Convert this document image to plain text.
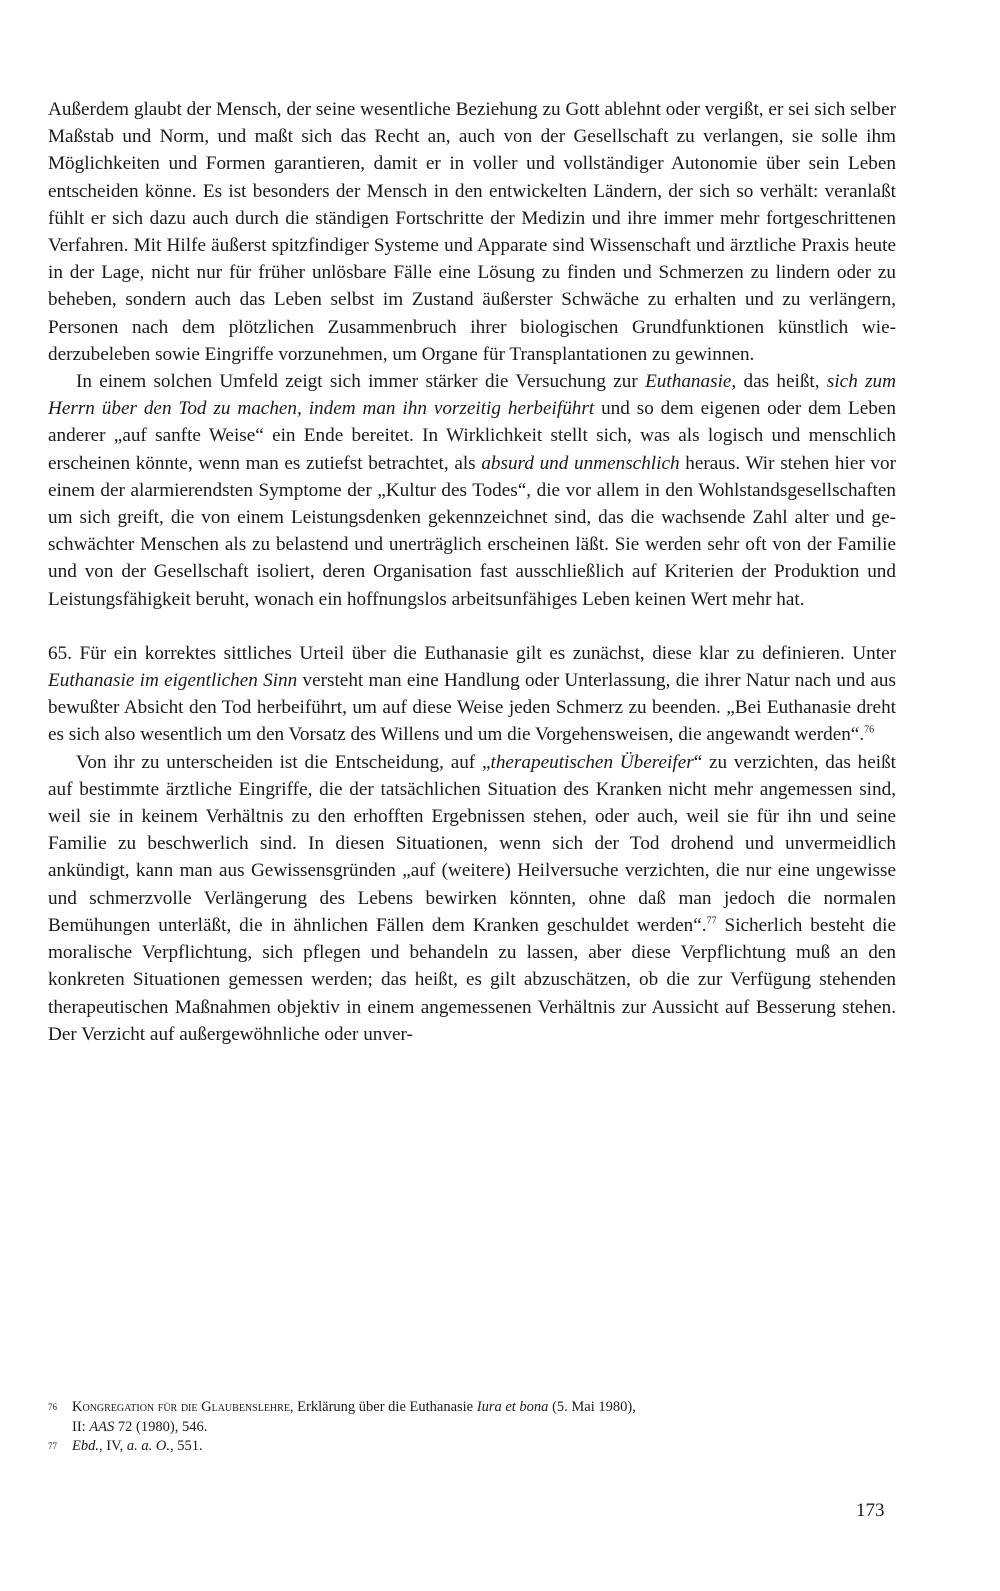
Außerdem glaubt der Mensch, der seine wesentliche Beziehung zu Gott ablehnt oder vergißt, er sei sich selber Maßstab und Norm, und maßt sich das Recht an, auch von der Gesellschaft zu verlangen, sie solle ihm Möglichkeiten und Formen garantieren, damit er in voller und vollständiger Autonomie über sein Leben entscheiden könne. Es ist besonders der Mensch in den entwickelten Ländern, der sich so verhält: veranlaßt fühlt er sich dazu auch durch die ständigen Fortschritte der Medizin und ihre immer mehr fortgeschrittenen Verfahren. Mit Hilfe äußerst spitzfindiger Systeme und Apparate sind Wissenschaft und ärztliche Praxis heute in der Lage, nicht nur für früher unlösbare Fälle eine Lösung zu finden und Schmerzen zu lindern oder zu beheben, sondern auch das Leben selbst im Zustand äußerster Schwäche zu erhalten und zu verlängern, Personen nach dem plötzlichen Zusammenbruch ihrer biologischen Grundfunktionen künstlich wiederzubeleben sowie Eingriffe vorzunehmen, um Organe für Transplantationen zu gewinnen.

In einem solchen Umfeld zeigt sich immer stärker die Versuchung zur Euthanasie, das heißt, sich zum Herrn über den Tod zu machen, indem man ihn vorzeitig herbeiführt und so dem eigenen oder dem Leben anderer „auf sanfte Weise“ ein Ende bereitet. In Wirklichkeit stellt sich, was als logisch und menschlich erscheinen könnte, wenn man es zutiefst betrachtet, als absurd und unmenschlich heraus. Wir stehen hier vor einem der alarmierendsten Symptome der „Kultur des Todes“, die vor allem in den Wohlstandsgesellschaften um sich greift, die von einem Leistungsdenken gekennzeichnet sind, das die wachsende Zahl alter und geschwächter Menschen als zu belastend und unerträglich erscheinen läßt. Sie werden sehr oft von der Familie und von der Gesellschaft isoliert, deren Organisation fast ausschließlich auf Kriterien der Produktion und Leistungsfähigkeit beruht, wonach ein hoffnungslos arbeitsunfähiges Leben keinen Wert mehr hat.

65. Für ein korrektes sittliches Urteil über die Euthanasie gilt es zunächst, diese klar zu definieren. Unter Euthanasie im eigentlichen Sinn versteht man eine Handlung oder Unterlassung, die ihrer Natur nach und aus bewußter Absicht den Tod herbeiführt, um auf diese Weise jeden Schmerz zu beenden. „Bei Euthanasie dreht es sich also wesentlich um den Vorsatz des Willens und um die Vorgehensweisen, die angewandt werden“.$^{76}$

Von ihr zu unterscheiden ist die Entscheidung, auf „therapeutischen Übereifer“ zu verzichten, das heißt auf bestimmte ärztliche Eingriffe, die der tatsächlichen Situation des Kranken nicht mehr angemessen sind, weil sie in keinem Verhältnis zu den erhofften Ergebnissen stehen, oder auch, weil sie für ihn und seine Familie zu beschwerlich sind. In diesen Situationen, wenn sich der Tod drohend und unvermeidlich ankündigt, kann man aus Gewissensgründen „auf (weitere) Heilversuche verzichten, die nur eine ungewisse und schmerzvolle Verlängerung des Lebens bewirken könnten, ohne daß man jedoch die normalen Bemühungen unterläßt, die in ähnlichen Fällen dem Kranken geschuldet werden“.$^{77}$ Sicherlich besteht die moralische Verpflichtung, sich pflegen und behandeln zu lassen, aber diese Verpflichtung muß an den konkreten Situationen gemessen werden; das heißt, es gilt abzuschätzen, ob die zur Verfügung stehenden therapeutischen Maßnahmen objektiv in einem angemessenen Verhältnis zur Aussicht auf Besserung stehen. Der Verzicht auf außergewöhnliche oder unver-

76 Kongregation für die Glaubenslehre, Erklärung über die Euthanasie Iura et bona (5. Mai 1980),
II: AAS 72 (1980), 546.

77 Ebd., IV, a. a. O., 551.

173
